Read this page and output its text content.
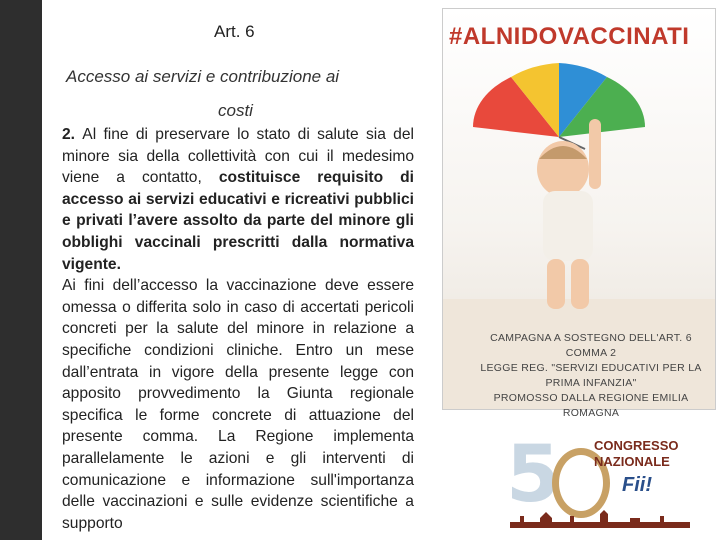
Art. 6
Accesso ai servizi e contribuzione ai
costi

2. Al fine di preservare lo stato di salute sia del minore sia della collettività con cui il medesimo viene a contatto, costituisce requisito di accesso ai servizi educativi e ricreativi pubblici e privati l’avere assolto da parte del minore gli obblighi vaccinali prescritti dalla normativa vigente.

Ai fini dell’accesso la vaccinazione deve essere omessa o differita solo in caso di accertati pericoli concreti per la salute del minore in relazione a specifiche condizioni cliniche. Entro un mese dall’entrata in vigore della presente legge con apposito provvedimento la Giunta regionale specifica le forme concrete di attuazione del presente comma. La Regione implementa parallelamente le azioni e gli interventi di comunicazione e informazione sull'importanza delle vaccinazioni e sulle evidenze scientifiche a supporto

#ALNIDOVACCINATI
CAMPAGNA A SOSTEGNO DELL'ART. 6 COMMA 2
LEGGE REG. "SERVIZI EDUCATIVI PER LA PRIMA INFANZIA"
PROMOSSO DALLA REGIONE EMILIA ROMAGNA
5	CONGRESSO
NAZIONALE
Fii!
